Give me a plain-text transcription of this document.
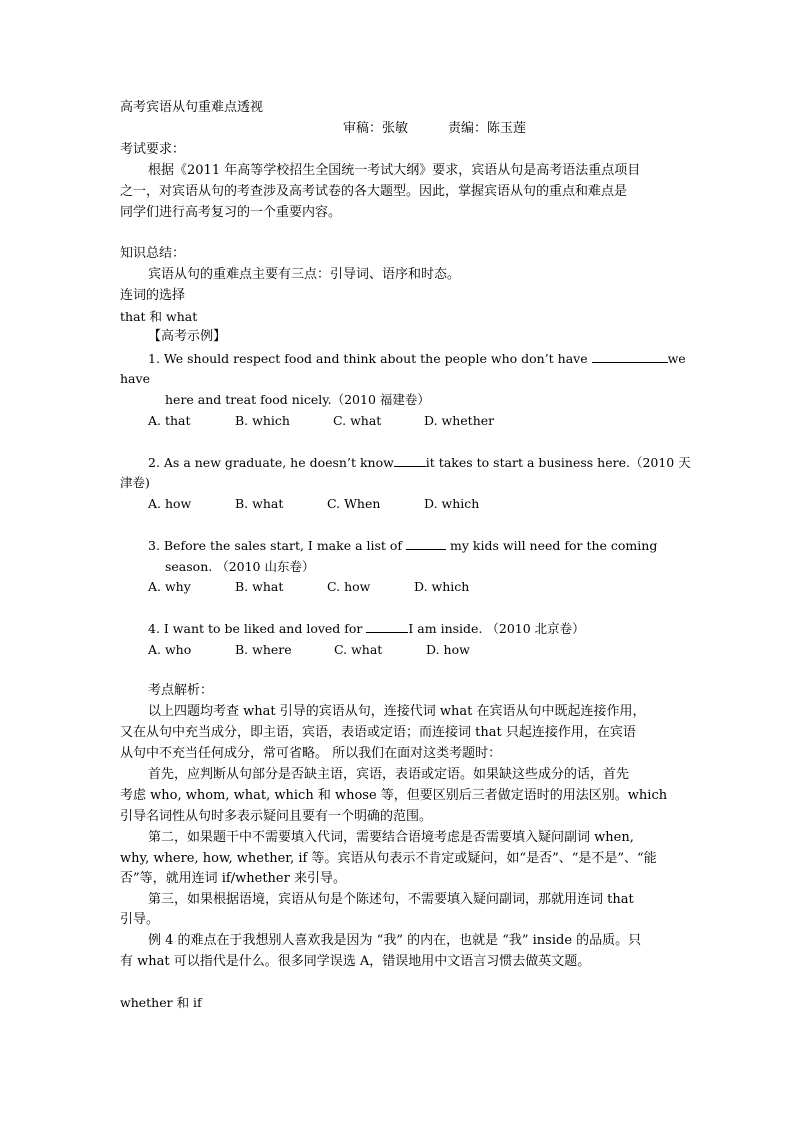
高考宾语从句重难点透视
审稿：张敏	责编：陈玉莲
考试要求：
根据《2011 年高等学校招生全国统一考试大纲》要求，宾语从句是高考语法重点项目
之一，对宾语从句的考查涉及高考试卷的各大题型。因此，掌握宾语从句的重点和难点是
同学们进行高考复习的一个重要内容。
知识总结：
宾语从句的重难点主要有三点：引导词、语序和时态。
连词的选择
that 和 what
【高考示例】
1. We should respect food and think about the people who don’t have	we
have
here and treat food nicely.（2010 福建卷）
A. that	B. which	C. what	D. whether
2. As a new graduate, he doesn’t know	it takes to start a business here.（2010 天
津卷)
A. how	B. what	C. When	D. which
3. Before the sales start, I make a list of	my kids will need for the coming
season. （2010 山东卷）
A. why	B. what	C. how	D. which
4. I want to be liked and loved for	I am inside. （2010 北京卷）
A. who	B. where	C. what	D. how
考点解析：
以上四题均考查 what 引导的宾语从句，连接代词 what 在宾语从句中既起连接作用，
又在从句中充当成分，即主语，宾语，表语或定语；而连接词 that 只起连接作用，在宾语
从句中不充当任何成分，常可省略。 所以我们在面对这类考题时：
首先，应判断从句部分是否缺主语，宾语，表语或定语。如果缺这些成分的话，首先
考虑 who, whom, what, which 和 whose 等，但要区别后三者做定语时的用法区别。which
引导名词性从句时多表示疑问且要有一个明确的范围。
第二，如果题干中不需要填入代词，需要结合语境考虑是否需要填入疑问副词 when,
why, where, how, whether, if 等。宾语从句表示不肯定或疑问，如“是否”、“是不是”、“能
否”等，就用连词 if/whether 来引导。
第三，如果根据语境，宾语从句是个陈述句，不需要填入疑问副词，那就用连词 that
引导。
例 4 的难点在于我想别人喜欢我是因为 “我” 的内在，也就是 “我” inside 的品质。只
有 what 可以指代是什么。很多同学误选 A，错误地用中文语言习惯去做英文题。
whether 和 if
